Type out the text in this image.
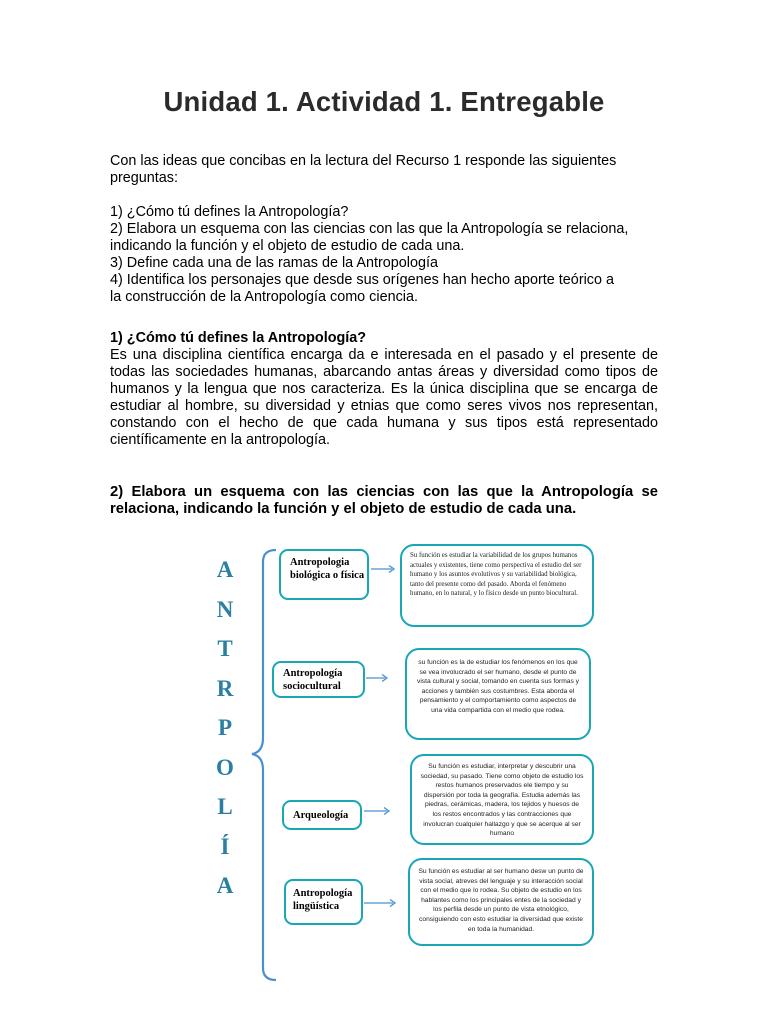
Unidad 1. Actividad 1. Entregable
Con las ideas que concibas en la lectura del Recurso 1 responde las siguientes preguntas:
1) ¿Cómo tú defines la Antropología?
2) Elabora un esquema con las ciencias con las que la Antropología se relaciona,
indicando la función y el objeto de estudio de cada una.
3) Define cada una de las ramas de la Antropología
4) Identifica los personajes que desde sus orígenes han hecho aporte teórico a
la construcción de la Antropología como ciencia.
1) ¿Cómo tú defines la Antropología?
Es una disciplina científica encarga da e interesada en el pasado y el presente de todas las sociedades humanas, abarcando antas áreas y diversidad como tipos de humanos y la lengua que nos caracteriza. Es la única disciplina que se encarga de estudiar al hombre, su diversidad y etnias que como seres vivos nos representan, constando con el hecho de que cada humana y sus tipos está representado científicamente en la antropología.
2) Elabora un esquema con las ciencias con las que la Antropología se relaciona, indicando la función y el objeto de estudio de cada una.
A
N
T
R
P
O
L
Í
A
Antropologia biológica o física
Su función es estudiar la variabilidad de los grupos humanos actuales y existentes, tiene como perspectiva el estudio del ser humano y los asuntos evolutivos y su variabilidad biológica, tanto del presente como del pasado. Aborda el fenómeno humano, en lo natural, y lo físico desde un punto biocultural.
Antropología sociocultural
su función es la de estudiar los fenómenos en los que se vea involucrado el ser humano, desde el punto de vista cultural y social, tomando en cuenta sus formas y acciones y también sus costumbres. Esta aborda el pensamiento y el comportamiento como aspectos de una vida compartida con el medio que rodea.
Arqueología
Su función es estudiar, interpretar y descubrir una sociedad, su pasado. Tiene como objeto de estudio los restos humanos preservados ele tiempo y su dispersión por toda la geografía. Estudia además las piedras, cerámicas, madera, los tejidos y huesos de los restos encontrados y las contracciones que involucran cualquier hallazgo y que se acerque al ser humano
Antropología lingüística
Su función es estudiar al ser humano desw un punto de vista social, atreves del lenguaje y su interacción social con el medio que lo rodea. Su objeto de estudio en los hablantes como los principales entes de la sociedad y los perfila desde un punto de vista etnológico, consiguiendo con esto estudiar la diversidad que existe en toda la humanidad.
